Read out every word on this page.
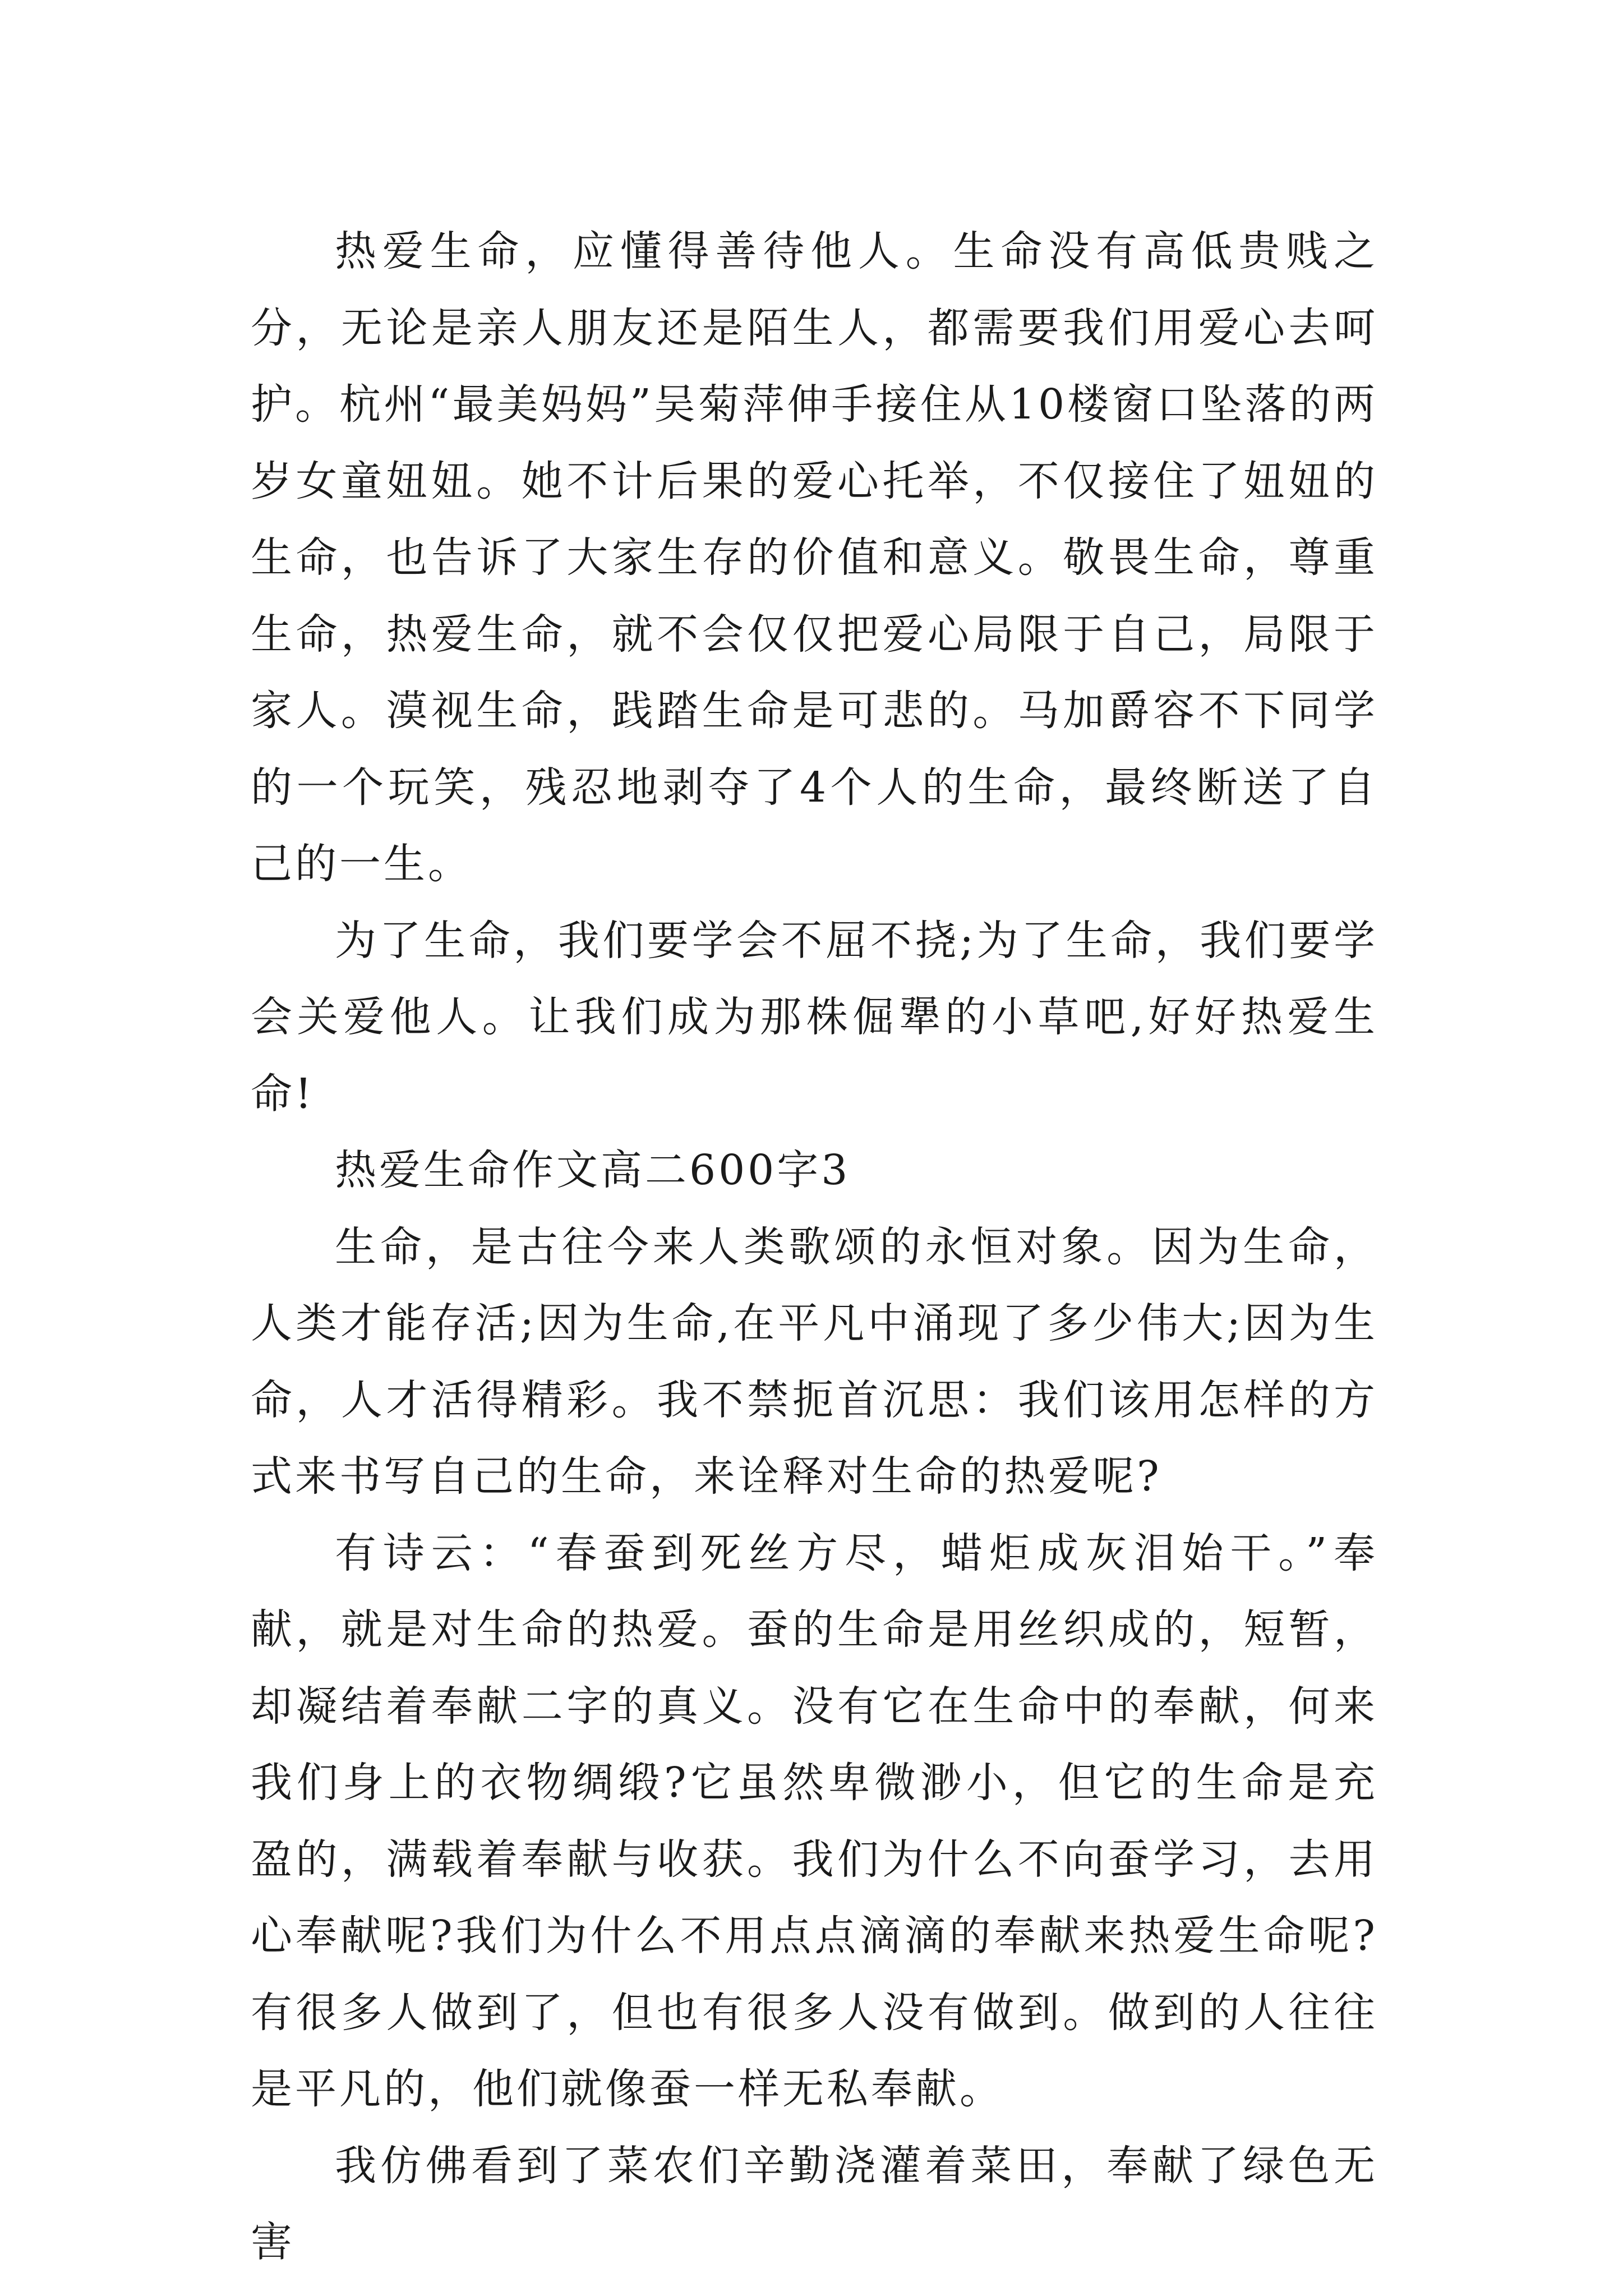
热爱生命，应懂得善待他人。生命没有高低贵贱之分，无论是亲人朋友还是陌生人，都需要我们用爱心去呵护。杭州“最美妈妈”吴菊萍伸手接住从10楼窗口坠落的两岁女童妞妞。她不计后果的爱心托举，不仅接住了妞妞的生命，也告诉了大家生存的价值和意义。敬畏生命，尊重生命，热爱生命，就不会仅仅把爱心局限于自己，局限于家人。漠视生命，践踏生命是可悲的。马加爵容不下同学的一个玩笑，残忍地剥夺了4个人的生命，最终断送了自己的一生。

为了生命，我们要学会不屈不挠;为了生命，我们要学会关爱他人。让我们成为那株倔犟的小草吧,好好热爱生命!

热爱生命作文高二600字3

生命，是古往今来人类歌颂的永恒对象。因为生命，人类才能存活;因为生命,在平凡中涌现了多少伟大;因为生命，人才活得精彩。我不禁扼首沉思：我们该用怎样的方式来书写自己的生命，来诠释对生命的热爱呢?

有诗云：“春蚕到死丝方尽，蜡炬成灰泪始干。”奉献，就是对生命的热爱。蚕的生命是用丝织成的，短暂，却凝结着奉献二字的真义。没有它在生命中的奉献，何来我们身上的衣物绸缎?它虽然卑微渺小，但它的生命是充盈的，满载着奉献与收获。我们为什么不向蚕学习，去用心奉献呢?我们为什么不用点点滴滴的奉献来热爱生命呢?有很多人做到了，但也有很多人没有做到。做到的人往往是平凡的，他们就像蚕一样无私奉献。

我仿佛看到了菜农们辛勤浇灌着菜田，奉献了绿色无害
